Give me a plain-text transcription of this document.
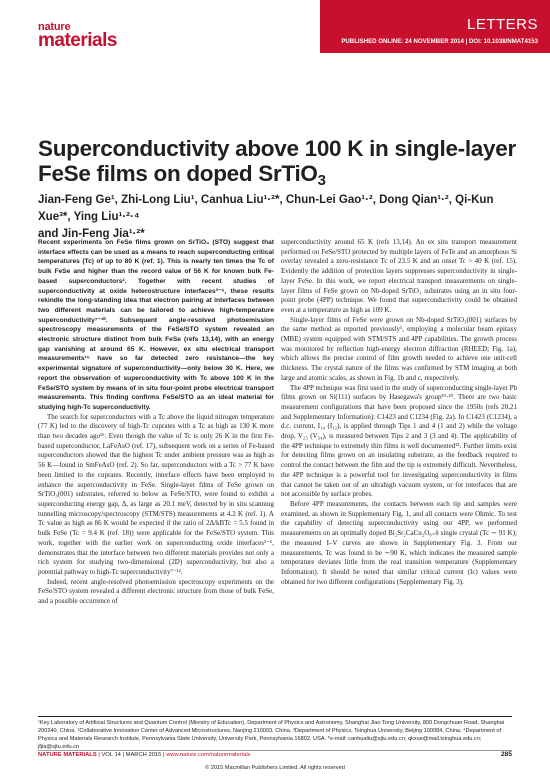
nature
materials
LETTERS
PUBLISHED ONLINE: 24 NOVEMBER 2014 | DOI: 10.1038/NMAT4153
Superconductivity above 100 K in single-layer
FeSe films on doped SrTiO$_3$
Jian-Feng Ge¹, Zhi-Long Liu¹, Canhua Liu¹·²*, Chun-Lei Gao¹·², Dong Qian¹·², Qi-Kun Xue³*, Ying Liu¹·²·⁴
and Jin-Feng Jia¹·²*

Recent experiments on FeSe films grown on SrTiO₃ (STO) suggest that interface effects can be used as a means to reach superconducting critical temperatures (Tc) of up to 80 K (ref. 1). This is nearly ten times the Tc of bulk FeSe and higher than the record value of 56 K for known bulk Fe-based superconductors². Together with recent studies of superconductivity at oxide heterostructure interfaces³⁻⁶, these results rekindle the long-standing idea that electron pairing at interfaces between two different materials can be tailored to achieve high-temperature superconductivity⁷⁻¹⁰. Subsequent angle-resolved photoemission spectroscopy measurements of the FeSe/STO system revealed an electronic structure distinct from bulk FeSe (refs 13,14), with an energy gap vanishing at around 65 K. However, ex situ electrical transport measurements¹⁵ have so far detected zero resistance—the key experimental signature of superconductivity—only below 30 K. Here, we report the observation of superconductivity with Tc above 100 K in the FeSe/STO system by means of in situ four-point probe electrical transport measurements. This finding confirms FeSe/STO as an ideal material for studying high-Tc superconductivity.

The search for superconductors with a Tc above the liquid nitrogen temperature (77 K) led to the discovery of high-Tc cuprates with a Tc as high as 130 K more than two decades ago¹⁶. Even though the value of Tc is only 26 K in the first Fe-based superconductor, LaFeAsO (ref. 17), subsequent work on a series of Fe-based superconductors showed that the highest Tc under ambient pressure was as high as 56 K—found in SmFeAsO (ref. 2). So far, superconductors with a Tc > 77 K have been limited to the cuprates. Recently, interface effects have been employed to enhance the superconductivity in FeSe. Single-layer films of FeSe grown on SrTiO₃(001) substrates, referred to below as FeSe/STO, were found to exhibit a superconducting energy gap, Δ, as large as 20.1 meV, detected by in situ scanning tunnelling microscopy/spectroscopy (STM/STS) measurements at 4.2 K (ref. 1). A Tc value as high as 86 K would be expected if the ratio of 2Δ/kBTc = 5.5 found in bulk FeSe (Tc = 9.4 K (ref. 18)) were applicable for the FeSe/STO system. This work, together with the earlier work on superconducting oxide interfaces³⁻⁶, demonstrates that the interface between two different materials provides not only a rich system for studying two-dimensional (2D) superconductivity, but also a potential pathway to high-Tc superconductivity⁷⁻¹².

Indeed, recent angle-resolved photoemission spectroscopy experiments on the FeSe/STO system revealed a different electronic structure from those of bulk FeSe, and a possible occurrence of

superconductivity around 65 K (refs 13,14). An ex situ transport measurement performed on FeSe/STO protected by multiple layers of FeTe and an amorphous Si overlay revealed a zero-resistance Tc of 23.5 K and an onset Tc > 40 K (ref. 15). Evidently the addition of protection layers suppresses superconductivity in single-layer FeSe. In this work, we report electrical transport measurements on single-layer films of FeSe grown on Nb-doped SrTiO₃ substrates using an in situ four-point probe (4PP) technique. We found that superconductivity could be obtained even at a temperature as high as 109 K.

Single-layer films of FeSe were grown on Nb-doped SrTiO₃(001) surfaces by the same method as reported previously¹, employing a molecular beam epitaxy (MBE) system equipped with STM/STS and 4PP capabilities. The growth process was monitored by reflection high-energy electron diffraction (RHEED; Fig. 1a), which allows the precise control of film growth needed to achieve one unit-cell thickness. The crystal nature of the films was confirmed by STM imaging at both large and atomic scales, as shown in Fig. 1b and c, respectively.

The 4PP technique was first used in the study of superconducting single-layer Pb films grown on Si(111) surfaces by Hasegawa's group¹⁹·²⁰. There are two basic measurement configurations that have been proposed since the 1950s (refs 20,21 and Supplementary Information): C1423 and C1234 (Fig. 2a). In C1423 (C1234), a d.c. current, I₁₄ (I₁₂), is applied through Tips 1 and 4 (1 and 2) while the voltage drop, V₂₃ (V₃₄), is measured between Tips 2 and 3 (3 and 4). The applicability of the 4PP technique to extremely thin films is well documented²². Further limits exist for detecting films grown on an insulating substrate, as the feedback required to control the contact between the film and the tip is extremely difficult. Nevertheless, the 4PP technique is a powerful tool for investigating superconductivity in films that cannot be taken out of an ultrahigh vacuum system, or for interfaces that are not accessible by surface probes.

Before 4PP measurements, the contacts between each tip and samples were examined, as shown in Supplementary Fig. 1, and all contacts were Ohmic. To test the capability of detecting superconductivity using our 4PP, we performed measurements on an optimally doped Bi₂Sr₂CaCu₂O₈₊δ single crystal (Tc ∼ 91 K); the measured I–V curves are shown in Supplementary Fig. 3. From our measurements, Tc was found to be ∼90 K, which indicates the measured sample temperature deviates little from the real transition temperature (Supplementary Information). It should be noted that similar critical current (Ic) values were obtained for two different configurations (Supplementary Fig. 3).

¹Key Laboratory of Artificial Structures and Quantum Control (Ministry of Education), Department of Physics and Astronomy, Shanghai Jiao Tong University, 800 Dongchuan Road, Shanghai 200240, China. ²Collaborative Innovation Center of Advanced Microstructures, Nanjing 210093, China. ³Department of Physics, Tsinghua University, Beijing 100084, China. ⁴Department of Physics and Materials Research Institute, Pennsylvania State University, University Park, Pennsylvania 16802, USA. *e-mail: canhualiu@sjtu.edu.cn; qkxue@mail.tsinghua.edu.cn; jfjia@sjtu.edu.cn
NATURE MATERIALS | VOL 14 | MARCH 2015 | www.nature.com/naturematerials	285
© 2015 Macmillan Publishers Limited. All rights reserved
